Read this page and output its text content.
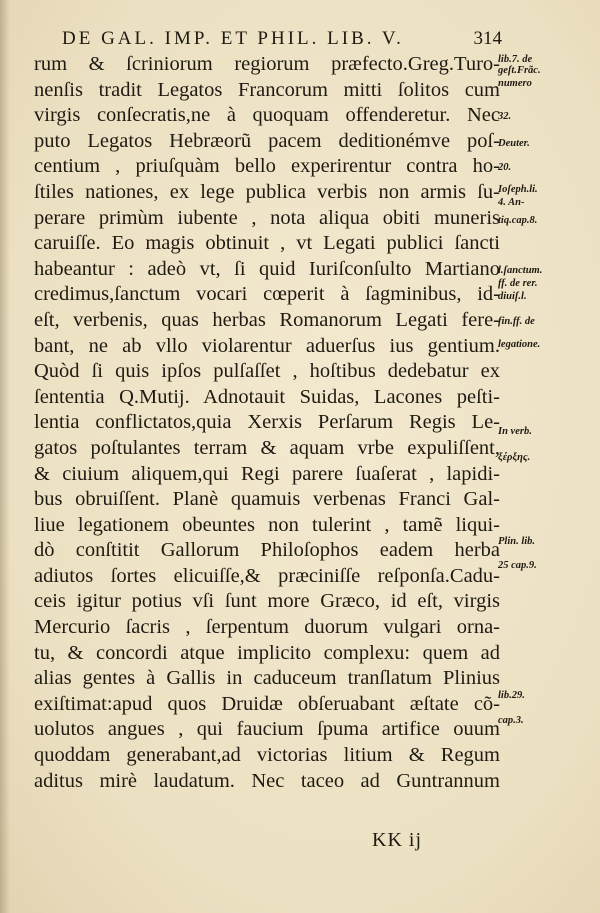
DE GAL. IMP. ET PHIL. LIB. V.	314
rum & ſcriniorum regiorum præfecto.Greg.Turo-
nenſis tradit Legatos Francorum mitti ſolitos cum
virgis conſecratis,ne à quoquam offenderetur. Nec
puto Legatos Hebræorũ pacem deditionémve poſ-
centium , priuſquàm bello experirentur contra ho-
ſtiles nationes, ex lege publica verbis non armis ſu-
perare primùm iubente , nota aliqua obiti muneris
caruiſſe. Eo magis obtinuit , vt Legati publici ſancti
habeantur : adeò vt, ſi quid Iuriſconſulto Martiano
credimus,ſanctum vocari cœperit à ſagminibus, id-
eſt, verbenis, quas herbas Romanorum Legati fere-
bant, ne ab vllo violarentur aduerſus ius gentium.
Quòd ſi quis ipſos pulſaſſet , hoſtibus dedebatur ex
ſententia Q.Mutij. Adnotauit Suidas, Lacones peſti-
lentia conflictatos,quia Xerxis Perſarum Regis Le-
gatos poſtulantes terram & aquam vrbe expuliſſent,
& ciuium aliquem,qui Regi parere ſuaſerat , lapidi-
bus obruiſſent. Planè quamuis verbenas Franci Gal-
liue legationem obeuntes non tulerint , tamẽ liqui-
dò conſtitit Gallorum Philoſophos eadem herba
adiutos ſortes elicuiſſe,& præciniſſe reſponſa.Cadu-
ceis igitur potius vſi ſunt more Græco, id eſt, virgis
Mercurio ſacris , ſerpentum duorum vulgari orna-
tu, & concordi atque implicito complexu: quem ad
alias gentes à Gallis in caduceum tranſlatum Plinius
exiſtimat:apud quos Druidæ obſeruabant æſtate cõ-
uolutos angues , qui faucium ſpuma artifice ouum
quoddam generabant,ad victorias litium & Regum
aditus mirè laudatum. Nec taceo ad Guntrannum
lib.7. de
geſt.Frãc.
numero
32.
Deuter.
20.
Ioſeph.li.
4. An-
tiq.cap.8.
l.ſanctum.
ff. de rer.
diuiſ.l.
fin.ff. de
legatione.
In verb.
ξέρξης.
Plin. lib.
25 cap.9.
lib.29.
cap.3.
KK ij
